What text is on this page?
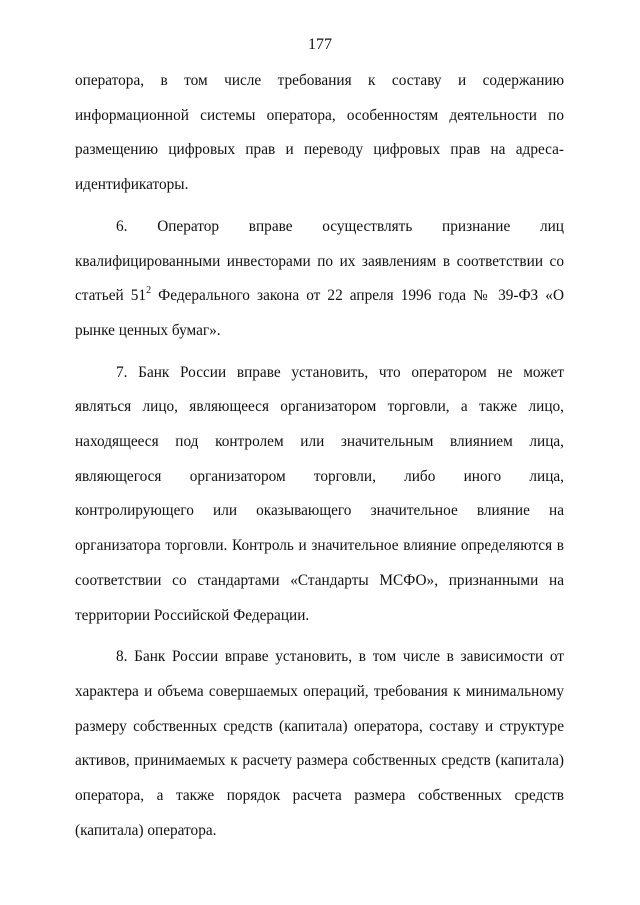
177

оператора, в том числе требования к составу и содержанию информационной системы оператора, особенностям деятельности по размещению цифровых прав и переводу цифровых прав на адреса-идентификаторы.

6. Оператор вправе осуществлять признание лиц квалифицированными инвесторами по их заявлениям в соответствии со статьей $51^2$ Федерального закона от 22 апреля 1996 года № 39-ФЗ «О рынке ценных бумаг».

7. Банк России вправе установить, что оператором не может являться лицо, являющееся организатором торговли, а также лицо, находящееся под контролем или значительным влиянием лица, являющегося организатором торговли, либо иного лица, контролирующего или оказывающего значительное влияние на организатора торговли. Контроль и значительное влияние определяются в соответствии со стандартами «Стандарты МСФО», признанными на территории Российской Федерации.

8. Банк России вправе установить, в том числе в зависимости от характера и объема совершаемых операций, требования к минимальному размеру собственных средств (капитала) оператора, составу и структуре активов, принимаемых к расчету размера собственных средств (капитала) оператора, а также порядок расчета размера собственных средств (капитала) оператора.
